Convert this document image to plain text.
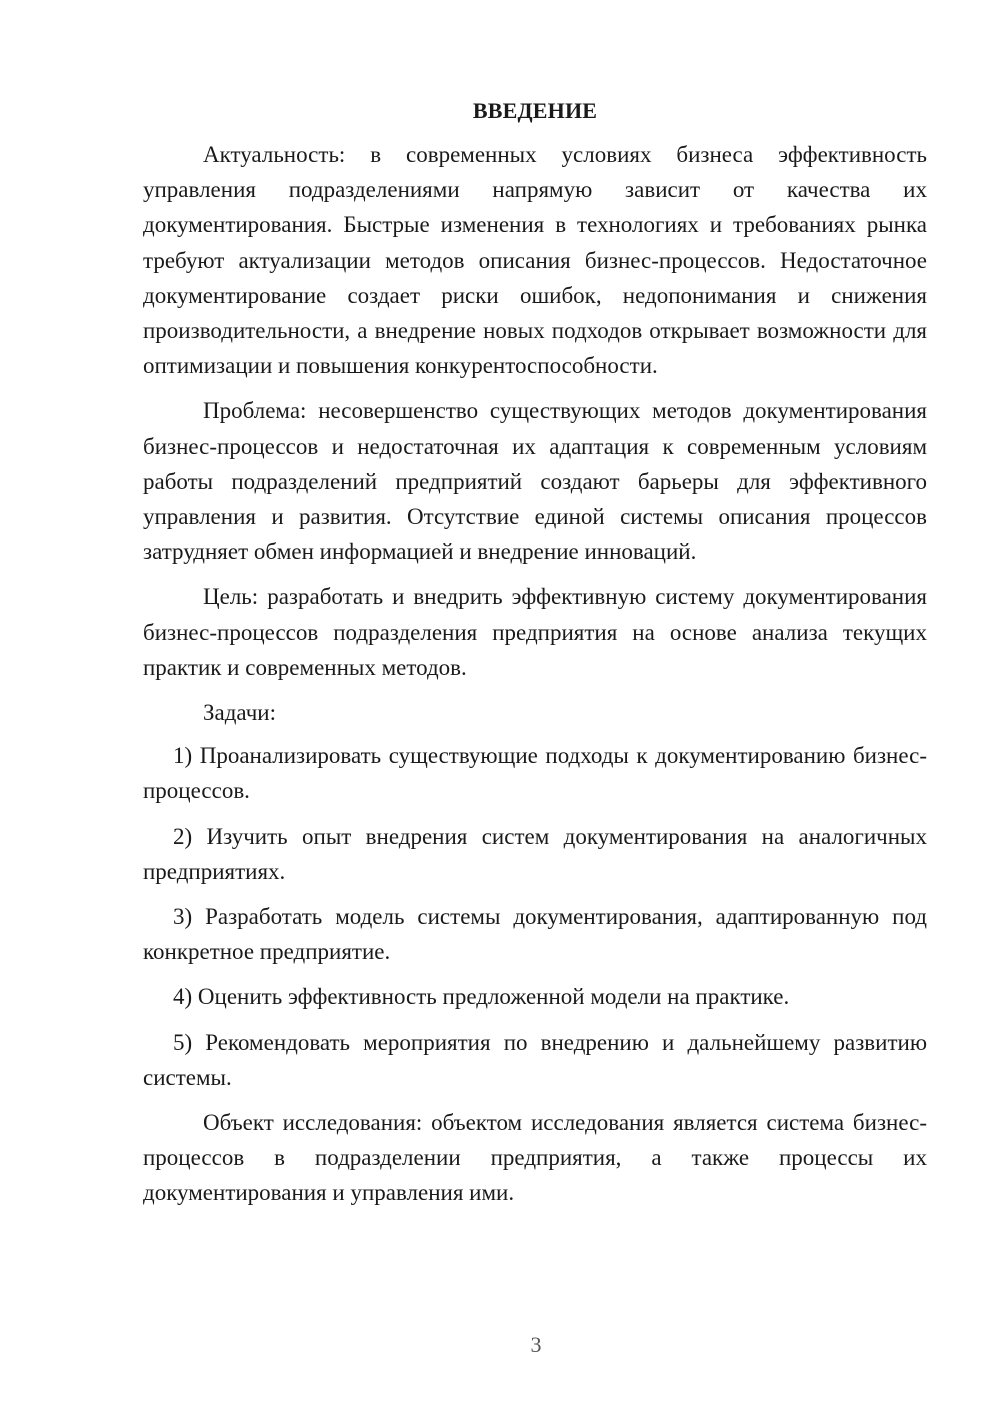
ВВЕДЕНИЕ

Актуальность: в современных условиях бизнеса эффективность управления подразделениями напрямую зависит от качества их документирования. Быстрые изменения в технологиях и требованиях рынка требуют актуализации методов описания бизнес-процессов. Недостаточное документирование создает риски ошибок, недопонимания и снижения производительности, а внедрение новых подходов открывает возможности для оптимизации и повышения конкурентоспособности.

Проблема: несовершенство существующих методов документирования бизнес-процессов и недостаточная их адаптация к современным условиям работы подразделений предприятий создают барьеры для эффективного управления и развития. Отсутствие единой системы описания процессов затрудняет обмен информацией и внедрение инноваций.

Цель: разработать и внедрить эффективную систему документирования бизнес-процессов подразделения предприятия на основе анализа текущих практик и современных методов.

Задачи:

1) Проанализировать существующие подходы к документированию бизнес-процессов.

2) Изучить опыт внедрения систем документирования на аналогичных предприятиях.

3) Разработать модель системы документирования, адаптированную под конкретное предприятие.

4) Оценить эффективность предложенной модели на практике.

5) Рекомендовать мероприятия по внедрению и дальнейшему развитию системы.

Объект исследования: объектом исследования является система бизнес-процессов в подразделении предприятия, а также процессы их документирования и управления ими.

3
